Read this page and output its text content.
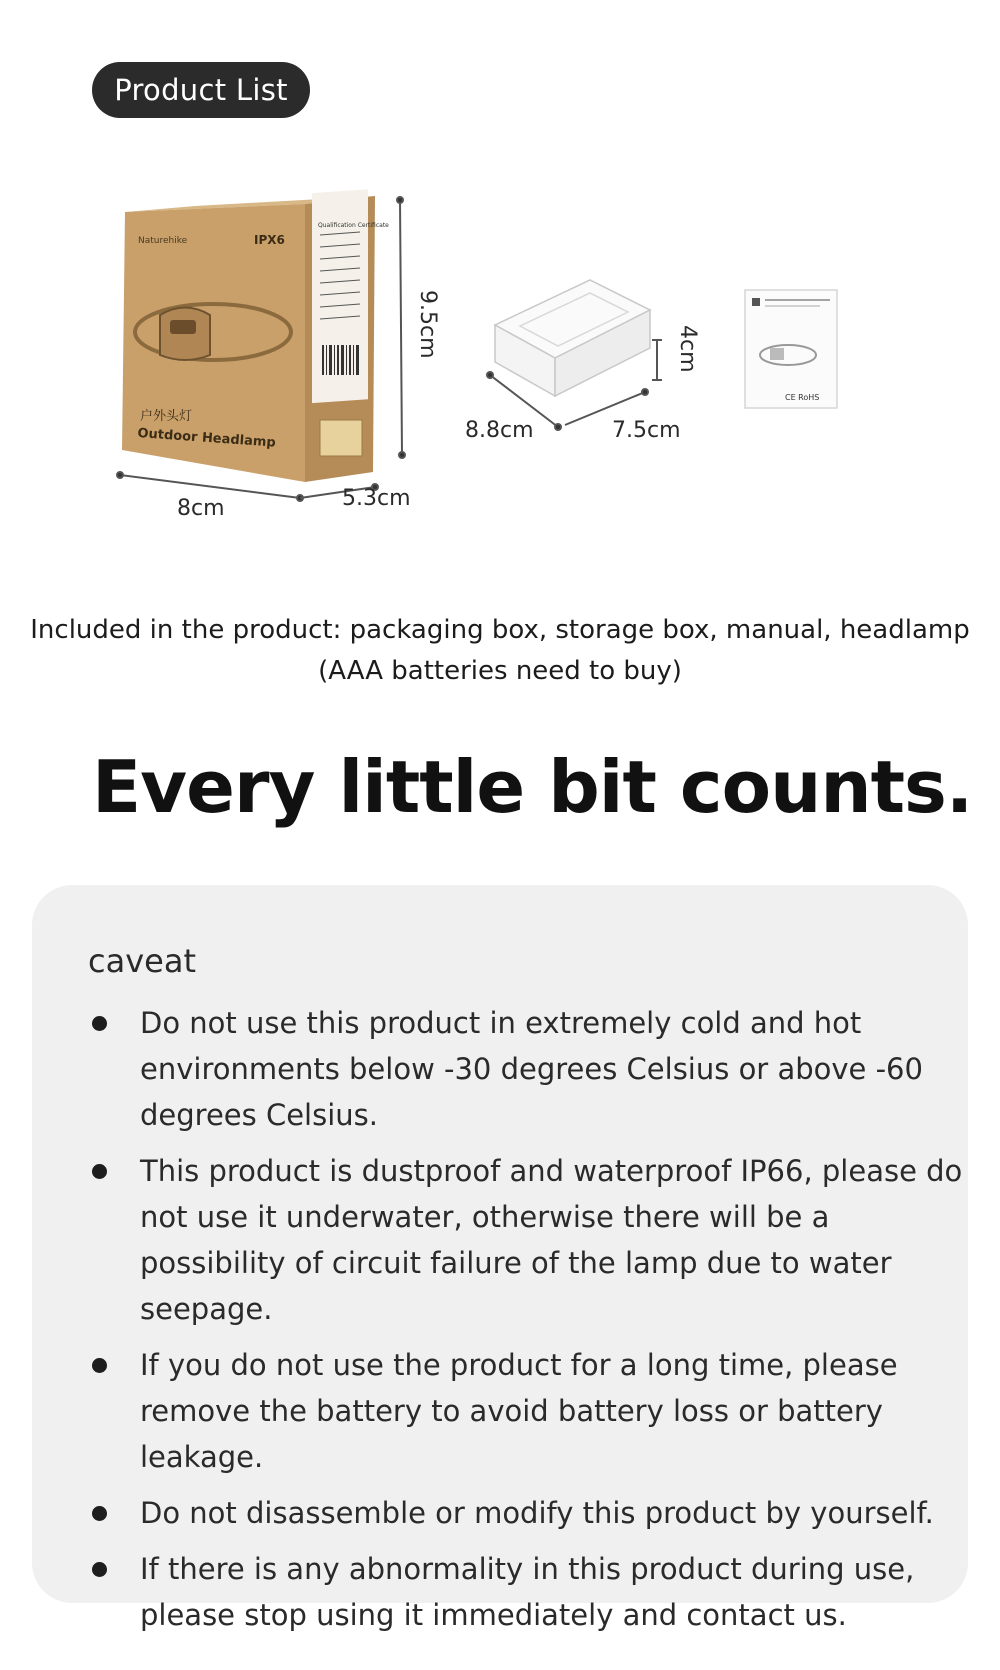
Product List
9.5cm
8cm	5.3cm
8.8cm	7.5cm
4cm
Naturehike	IPX6
Qualification Certificate
户外头灯
Outdoor Headlamp
CE RoHS
Included in the product: packaging box, storage box, manual, headlamp
(AAA batteries need to buy)
Every little bit counts.
caveat
Do not use this product in extremely cold and hot environments below -30 degrees Celsius or above -60 degrees Celsius.
This product is dustproof and waterproof IP66, please do not use it underwater, otherwise there will be a possibility of circuit failure of the lamp due to water seepage.
If you do not use the product for a long time, please remove the battery to avoid battery loss or battery leakage.
Do not disassemble or modify this product by yourself.
If there is any abnormality in this product during use, please stop using it immediately and contact us.
